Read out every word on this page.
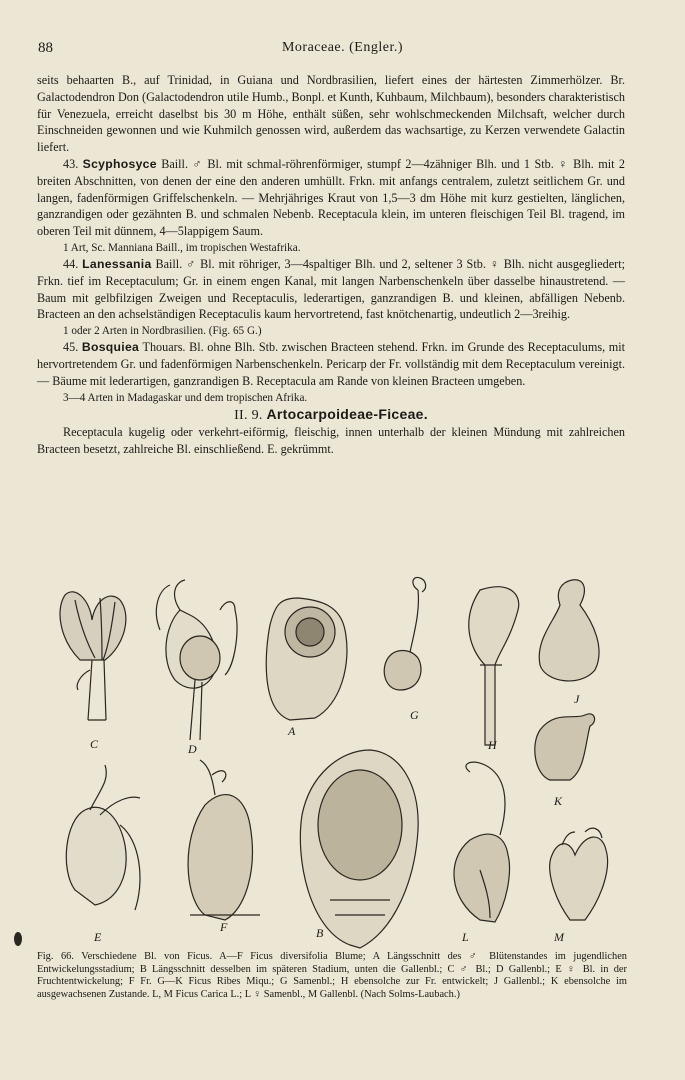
88	Moraceae. (Engler.)

seits behaarten B., auf Trinidad, in Guiana und Nordbrasilien, liefert eines der härtesten Zimmerhölzer. Br. Galactodendron Don (Galactodendron utile Humb., Bonpl. et Kunth, Kuhbaum, Milchbaum), besonders charakteristisch für Venezuela, erreicht daselbst bis 30 m Höhe, enthält süßen, sehr wohlschmeckenden Milchsaft, welcher durch Einschneiden gewonnen und wie Kuhmilch genossen wird, außerdem das wachsartige, zu Kerzen verwendete Galactin liefert.

43. Scyphosyce Baill. ♂ Bl. mit schmal-röhrenförmiger, stumpf 2—4zähniger Blh. und 1 Stb. ♀ Blh. mit 2 breiten Abschnitten, von denen der eine den anderen umhüllt. Frkn. mit anfangs centralem, zuletzt seitlichem Gr. und langen, fadenförmigen Griffelschenkeln. — Mehrjähriges Kraut von 1,5—3 dm Höhe mit kurz gestielten, länglichen, ganzrandigen oder gezähnten B. und schmalen Nebenb. Receptacula klein, im unteren fleischigen Teil Bl. tragend, im oberen Teil mit dünnem, 4—5lappigem Saum.

1 Art, Sc. Manniana Baill., im tropischen Westafrika.

44. Lanessania Baill. ♂ Bl. mit röhriger, 3—4spaltiger Blh. und 2, seltener 3 Stb. ♀ Blh. nicht ausgegliedert; Frkn. tief im Receptaculum; Gr. in einem engen Kanal, mit langen Narbenschenkeln über dasselbe hinaustretend. — Baum mit gelbfilzigen Zweigen und Receptaculis, lederartigen, ganzrandigen B. und kleinen, abfälligen Nebenb. Bracteen an den achselständigen Receptaculis kaum hervortretend, fast knötchenartig, undeutlich 2—3reihig.

1 oder 2 Arten in Nordbrasilien. (Fig. 65 G.)

45. Bosquiea Thouars. Bl. ohne Blh. Stb. zwischen Bracteen stehend. Frkn. im Grunde des Receptaculums, mit hervortretendem Gr. und fadenförmigen Narbenschenkeln. Pericarp der Fr. vollständig mit dem Receptaculum vereinigt. — Bäume mit lederartigen, ganzrandigen B. Receptacula am Rande von kleinen Bracteen umgeben.

3—4 Arten in Madagaskar und dem tropischen Afrika.

II. 9. Artocarpoideae-Ficeae.

Receptacula kugelig oder verkehrt-eiförmig, fleischig, innen unterhalb der kleinen Mündung mit zahlreichen Bracteen besetzt, zahlreiche Bl. einschließend. E. gekrümmt.

C	D
A
G
H
J
K
E
F	B	L	M
Fig. 66. Verschiedene Bl. von Ficus. A—F Ficus diversifolia Blume; A Längsschnitt des ♂ Blütenstandes im jugendlichen Entwickelungsstadium; B Längsschnitt desselben im späteren Stadium, unten die Gallenbl.; C ♂ Bl.; D Gallenbl.; E ♀ Bl. in der Fruchtentwickelung; F Fr. G—K Ficus Ribes Miqu.; G Samenbl.; H ebensolche zur Fr. entwickelt; J Gallenbl.; K ebensolche im ausgewachsenen Zustande. L, M Ficus Carica L.; L ♀ Samenbl., M Gallenbl. (Nach Solms-Laubach.)
